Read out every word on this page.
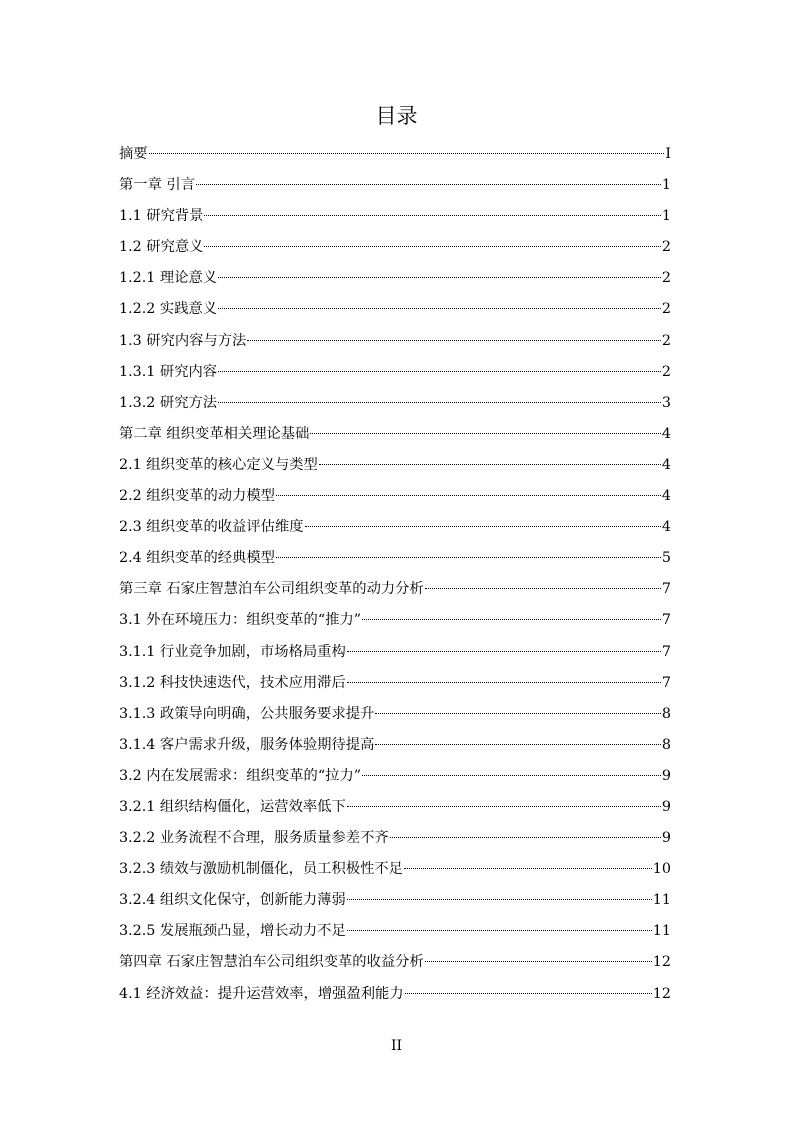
目录
摘要	I
第一章 引言	1
1.1 研究背景	1
1.2 研究意义	2
1.2.1 理论意义	2
1.2.2 实践意义	2
1.3 研究内容与方法	2
1.3.1 研究内容	2
1.3.2 研究方法	3
第二章 组织变革相关理论基础	4
2.1 组织变革的核心定义与类型	4
2.2 组织变革的动力模型	4
2.3 组织变革的收益评估维度	4
2.4 组织变革的经典模型	5
第三章 石家庄智慧泊车公司组织变革的动力分析	7
3.1 外在环境压力：组织变革的“推力”	7
3.1.1 行业竞争加剧，市场格局重构	7
3.1.2 科技快速迭代，技术应用滞后	7
3.1.3 政策导向明确，公共服务要求提升	8
3.1.4 客户需求升级，服务体验期待提高	8
3.2 内在发展需求：组织变革的“拉力”	9
3.2.1 组织结构僵化，运营效率低下	9
3.2.2 业务流程不合理，服务质量参差不齐	9
3.2.3 绩效与激励机制僵化，员工积极性不足	10
3.2.4 组织文化保守，创新能力薄弱	11
3.2.5 发展瓶颈凸显，增长动力不足	11
第四章 石家庄智慧泊车公司组织变革的收益分析	12
4.1 经济效益：提升运营效率，增强盈利能力	12
II
